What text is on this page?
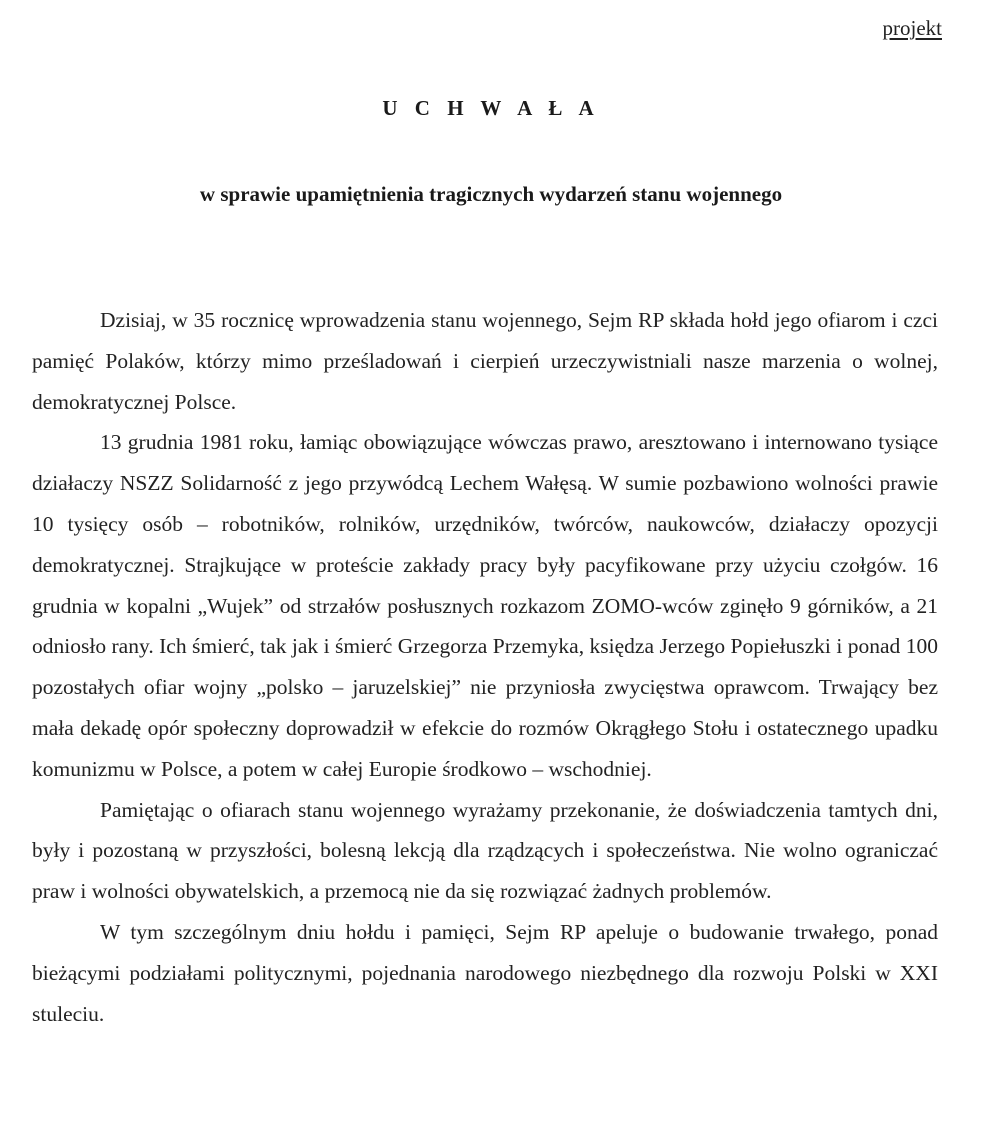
projekt
U C H W A Ł A
w sprawie upamiętnienia tragicznych wydarzeń stanu wojennego

Dzisiaj, w 35 rocznicę wprowadzenia stanu wojennego, Sejm RP składa hołd jego ofiarom i czci pamięć Polaków, którzy mimo prześladowań i cierpień urzeczywistniali nasze marzenia o wolnej, demokratycznej Polsce.

13 grudnia 1981 roku, łamiąc obowiązujące wówczas prawo, aresztowano i internowano tysiące działaczy NSZZ Solidarność z jego przywódcą Lechem Wałęsą. W sumie pozbawiono wolności prawie 10 tysięcy osób – robotników, rolników, urzędników, twórców, naukowców, działaczy opozycji demokratycznej. Strajkujące w proteście zakłady pracy były pacyfikowane przy użyciu czołgów. 16 grudnia w kopalni „Wujek” od strzałów posłusznych rozkazom ZOMO-wców zginęło 9 górników, a 21 odniosło rany. Ich śmierć, tak jak i śmierć Grzegorza Przemyka, księdza Jerzego Popiełuszki i ponad 100 pozostałych ofiar wojny „polsko – jaruzelskiej” nie przyniosła zwycięstwa oprawcom. Trwający bez mała dekadę opór społeczny doprowadził w efekcie do rozmów Okrągłego Stołu i ostatecznego upadku komunizmu w Polsce, a potem w całej Europie środkowo – wschodniej.

Pamiętając o ofiarach stanu wojennego wyrażamy przekonanie, że doświadczenia tamtych dni, były i pozostaną w przyszłości, bolesną lekcją dla rządzących i społeczeństwa. Nie wolno ograniczać praw i wolności obywatelskich, a przemocą nie da się rozwiązać żadnych problemów.

W tym szczególnym dniu hołdu i pamięci, Sejm RP apeluje o budowanie trwałego, ponad bieżącymi podziałami politycznymi, pojednania narodowego niezbędnego dla rozwoju Polski w XXI stuleciu.
